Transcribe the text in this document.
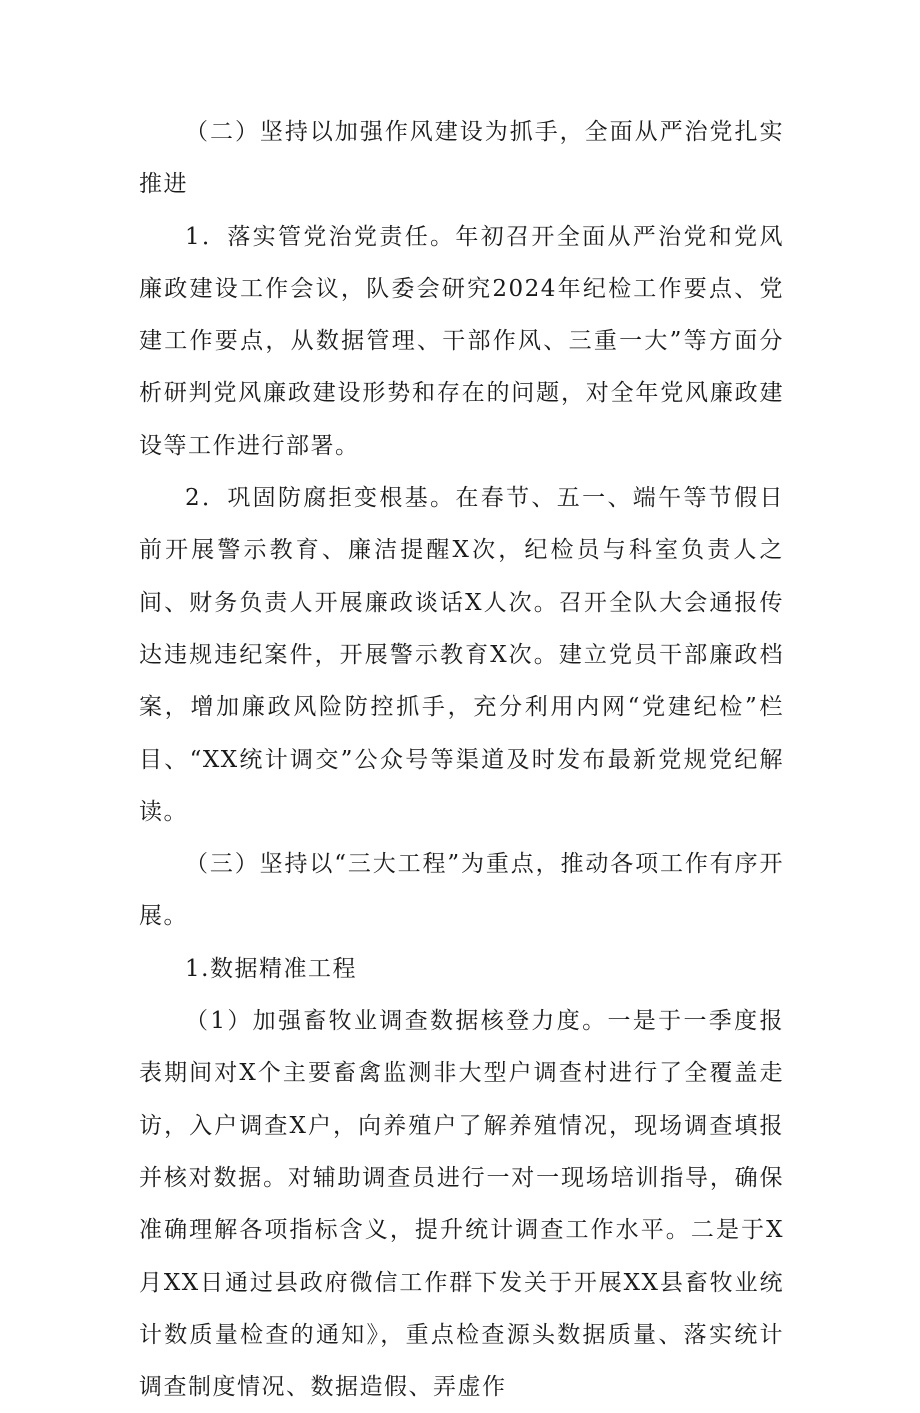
（二）坚持以加强作风建设为抓手，全面从严治党扎实推进

1．落实管党治党责任。年初召开全面从严治党和党风廉政建设工作会议，队委会研究2024年纪检工作要点、党建工作要点，从数据管理、干部作风、三重一大”等方面分析研判党风廉政建设形势和存在的问题，对全年党风廉政建设等工作进行部署。

2．巩固防腐拒变根基。在春节、五一、端午等节假日前开展警示教育、廉洁提醒X次，纪检员与科室负责人之间、财务负责人开展廉政谈话X人次。召开全队大会通报传达违规违纪案件，开展警示教育X次。建立党员干部廉政档案，增加廉政风险防控抓手，充分利用内网“党建纪检”栏目、“XX统计调交”公众号等渠道及时发布最新党规党纪解读。

（三）坚持以“三大工程”为重点，推动各项工作有序开展。

1.数据精准工程

（1）加强畜牧业调查数据核登力度。一是于一季度报表期间对X个主要畜禽监测非大型户调查村进行了全覆盖走访，入户调查X户，向养殖户了解养殖情况，现场调查填报并核对数据。对辅助调查员进行一对一现场培训指导，确保准确理解各项指标含义，提升统计调查工作水平。二是于X月XX日通过县政府微信工作群下发关于开展XX县畜牧业统计数质量检查的通知》，重点检查源头数据质量、落实统计调查制度情况、数据造假、弄虚作
